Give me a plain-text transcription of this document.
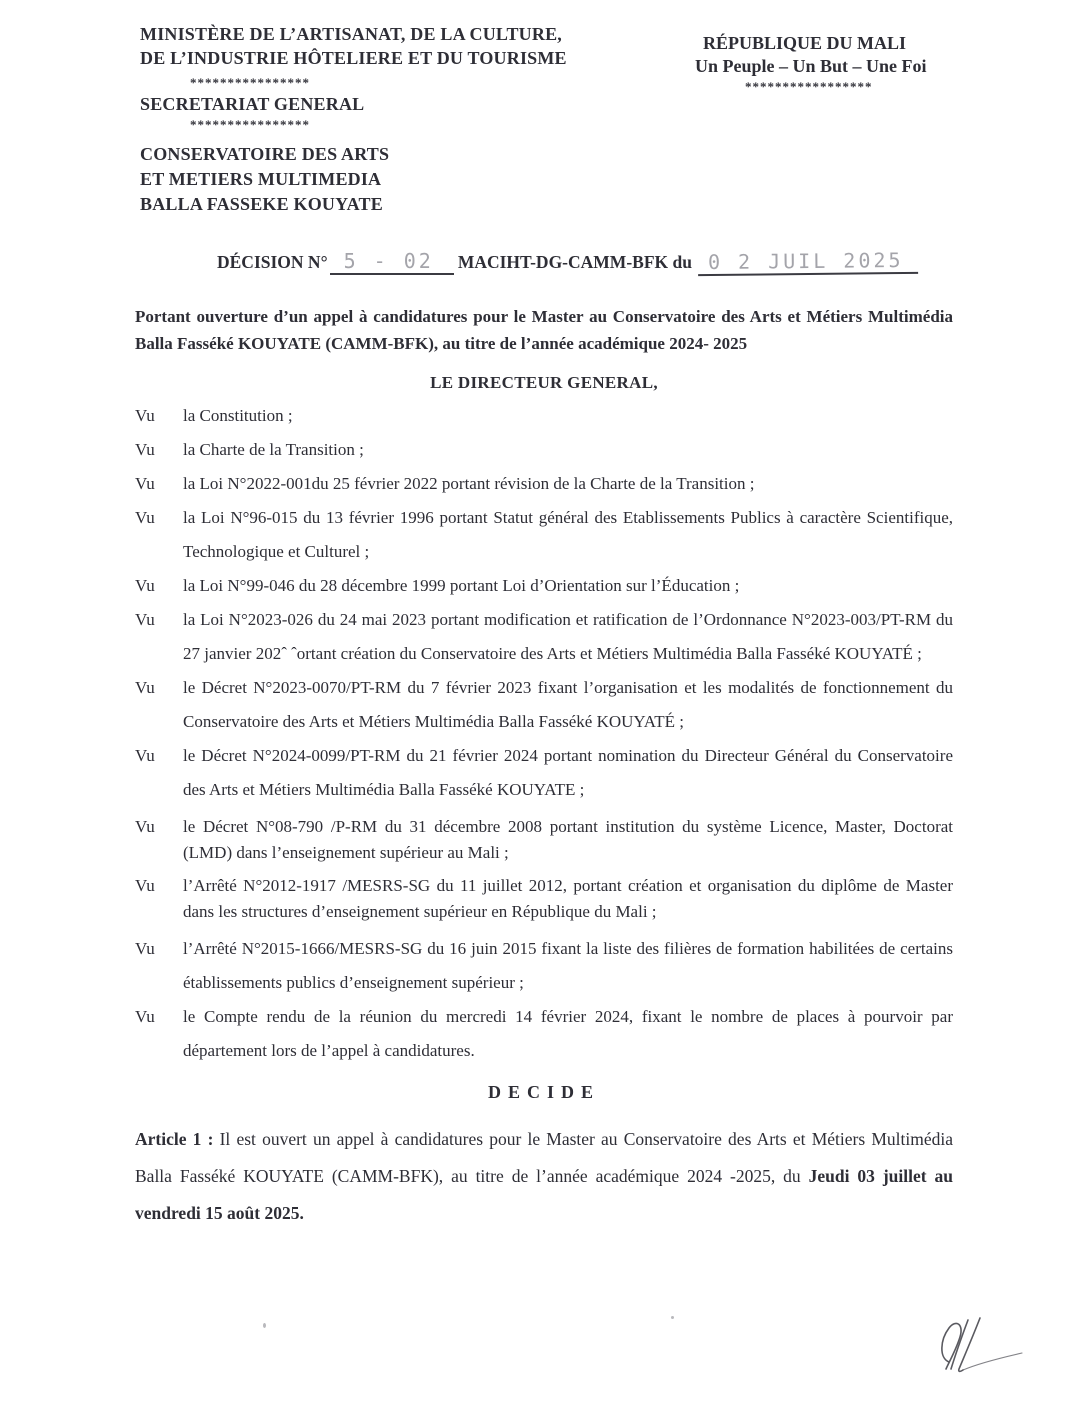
MINISTÈRE DE L’ARTISANAT, DE LA CULTURE,
DE L’INDUSTRIE HÔTELIERE ET DU TOURISME
****************
SECRETARIAT GENERAL
****************
CONSERVATOIRE DES ARTS
ET METIERS MULTIMEDIA
BALLA FASSEKE KOUYATE
RÉPUBLIQUE DU MALI
Un Peuple – Un But – Une Foi
*****************
DÉCISION N° 5 - 02 MACIHT-DG-CAMM-BFK du 0 2 JUIL 2025

Portant ouverture d’un appel à candidatures pour le Master au Conservatoire des Arts et Métiers Multimédia Balla Fasséké KOUYATE (CAMM-BFK), au titre de l’année académique 2024- 2025

LE DIRECTEUR GENERAL,
Vu	la Constitution ;
Vu	la Charte de la Transition ;
Vu	la Loi N°2022-001du 25 février 2022 portant révision de la Charte de la Transition ;
Vu	la Loi N°96-015 du 13 février 1996 portant Statut général des Etablissements Publics à caractère Scientifique, Technologique et Culturel ;
Vu	la Loi N°99-046 du 28 décembre 1999 portant Loi d’Orientation sur l’Éducation ;
Vu	la Loi N°2023-026 du 24 mai 2023 portant modification et ratification de l’Ordonnance N°2023-003/PT-RM du 27 janvier 202ˆ ˆortant création du Conservatoire des Arts et Métiers Multimédia Balla Fasséké KOUYATÉ ;
Vu	le Décret N°2023-0070/PT-RM du 7 février 2023 fixant l’organisation et les modalités de fonctionnement du Conservatoire des Arts et Métiers Multimédia Balla Fasséké KOUYATÉ ;
Vu	le Décret N°2024-0099/PT-RM du 21 février 2024 portant nomination du Directeur Général du Conservatoire des Arts et Métiers Multimédia Balla Fasséké KOUYATE ;
Vu	le Décret N°08-790 /P-RM du 31 décembre 2008 portant institution du système Licence, Master, Doctorat (LMD) dans l’enseignement supérieur au Mali ;
Vu	l’Arrêté N°2012-1917 /MESRS-SG du 11 juillet 2012, portant création et organisation du diplôme de Master dans les structures d’enseignement supérieur en République du Mali ;
Vu	l’Arrêté N°2015-1666/MESRS-SG du 16 juin 2015 fixant la liste des filières de formation habilitées de certains établissements publics d’enseignement supérieur ;
Vu	le Compte rendu de la réunion du mercredi 14 février 2024, fixant le nombre de places à pourvoir par département lors de l’appel à candidatures.
DECIDE

Article 1 : Il est ouvert un appel à candidatures pour le Master au Conservatoire des Arts et Métiers Multimédia Balla Fasséké KOUYATE (CAMM-BFK), au titre de l’année académique 2024 -2025, du Jeudi 03 juillet au vendredi 15 août 2025.
